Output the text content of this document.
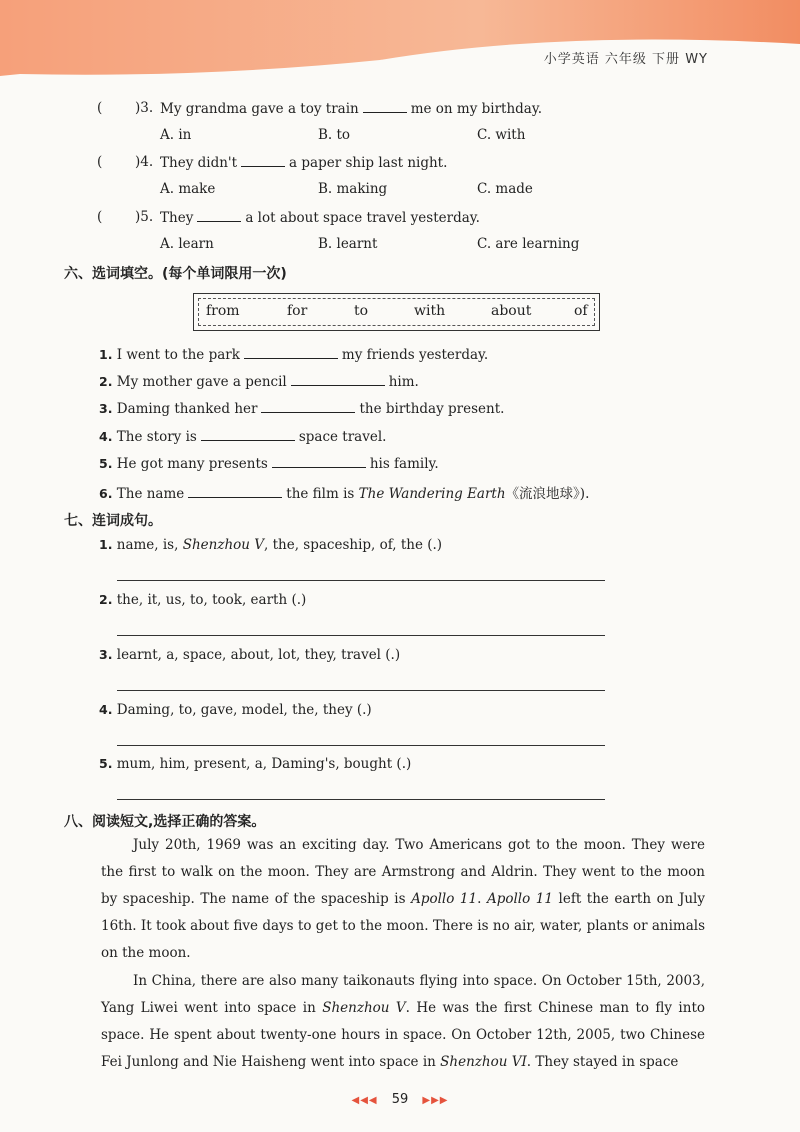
小学英语 六年级 下册 WY
( )3. My grandma gave a toy train	me on my birthday.
A. in	B. to	C. with
( )4. They didn't	a paper ship last night.
A. make	B. making	C. made
( )5. They	a lot about space travel yesterday.
A. learn	B. learnt	C. are learning
六、选词填空。(每个单词限用一次)
from	for	to	with	about	of
1. I went to the park	my friends yesterday.
2. My mother gave a pencil	him.
3. Daming thanked her	the birthday present.
4. The story is	space travel.
5. He got many presents	his family.
6. The name	the film is The Wandering Earth《流浪地球》).
七、连词成句。
1. name, is, Shenzhou V, the, spaceship, of, the (.)
2. the, it, us, to, took, earth (.)
3. learnt, a, space, about, lot, they, travel (.)
4. Daming, to, gave, model, the, they (.)
5. mum, him, present, a, Daming's, bought (.)
八、阅读短文,选择正确的答案。
July 20th, 1969 was an exciting day. Two Americans got to the moon. They were the first to walk on the moon. They are Armstrong and Aldrin. They went to the moon by spaceship. The name of the spaceship is Apollo 11. Apollo 11 left the earth on July 16th. It took about five days to get to the moon. There is no air, water, plants or animals on the moon.
In China, there are also many taikonauts flying into space. On October 15th, 2003, Yang Liwei went into space in Shenzhou V. He was the first Chinese man to fly into space. He spent about twenty-one hours in space. On October 12th, 2005, two Chinese Fei Junlong and Nie Haisheng went into space in Shenzhou VI. They stayed in space
◀◀◀ 59 ▶▶▶
